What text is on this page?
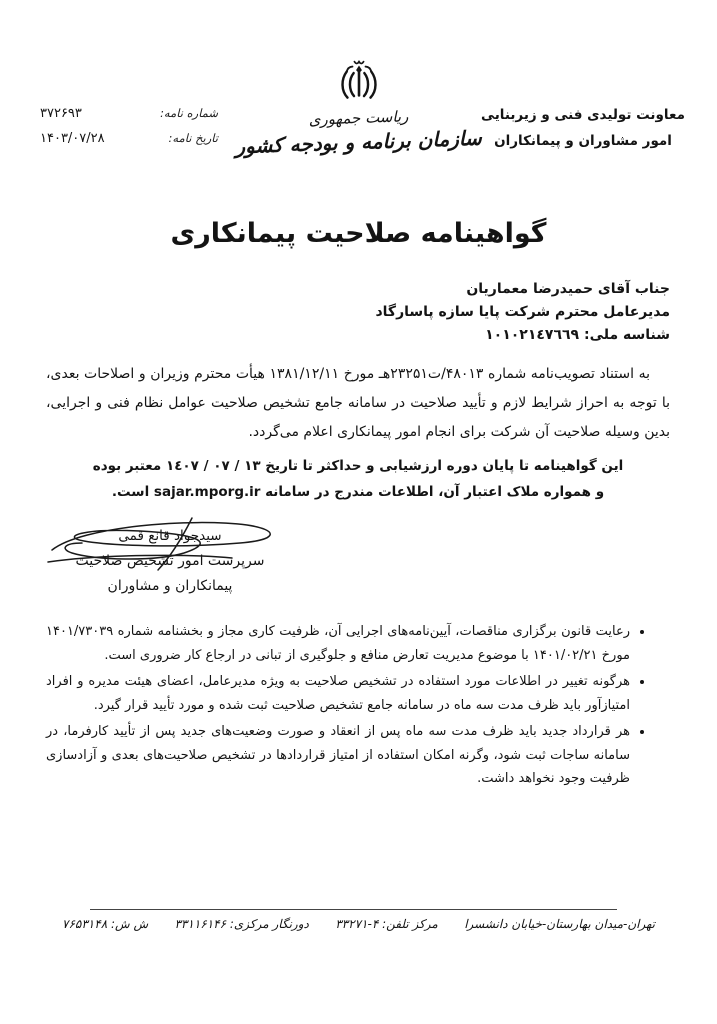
معاونت تولیدی فنی و زیربنایی
امور مشاوران و پیمانکاران
ریاست جمهوری
سازمان برنامه و بودجه کشور
شماره نامه:
۳۷۲۶۹۳
تاریخ نامه:
۱۴۰۳/۰۷/۲۸
گواهینامه صلاحیت پیمانکاری
جناب آقای حمیدرضا معماریان
مدیرعامل محترم شرکت پایا سازه پاسارگاد
شناسه ملی: ۱۰۱۰۲۱٤۷٦٦۹

به استناد تصویب‌نامه شماره ۴۸۰۱۳/ت۲۳۲۵۱هـ مورخ ۱۳۸۱/۱۲/۱۱ هیأت محترم وزیران و اصلاحات بعدی، با توجه به احراز شرایط لازم و تأیید صلاحیت در سامانه جامع تشخیص صلاحیت عوامل نظام فنی و اجرایی، بدین وسیله صلاحیت آن شرکت برای انجام امور پیمانکاری اعلام می‌گردد.

این گواهینامه تا پایان دوره ارزشیابی و حداکثر تا تاریخ ۱۳ / ۰۷ / ۱٤۰۷ معتبر بوده
و همواره ملاک اعتبار آن، اطلاعات مندرج در سامانه sajar.mporg.ir است.
سیدجواد قانع قمی
سرپرست امور تشخیص صلاحیت
پیمانکاران و مشاوران
• رعایت قانون برگزاری مناقصات، آیین‌نامه‌های اجرایی آن، ظرفیت کاری مجاز و بخشنامه شماره ۱۴۰۱/۷۳۰۳۹ مورخ ۱۴۰۱/۰۲/۲۱ با موضوع مدیریت تعارض منافع و جلوگیری از تبانی در ارجاع کار ضروری است.
• هرگونه تغییر در اطلاعات مورد استفاده در تشخیص صلاحیت به ویژه مدیرعامل، اعضای هیئت مدیره و افراد امتیازآور باید ظرف مدت سه ماه در سامانه جامع تشخیص صلاحیت ثبت شده و مورد تأیید قرار گیرد.
• هر قرارداد جدید باید ظرف مدت سه ماه پس از انعقاد و صورت وضعیت‌های جدید پس از تأیید کارفرما، در سامانه ساجات ثبت شود، وگرنه امکان استفاده از امتیاز قراردادها در تشخیص صلاحیت‌های بعدی و آزادسازی ظرفیت وجود نخواهد داشت.
تهران-میدان بهارستان-خیابان دانشسرا
مرکز تلفن: ۴-۳۳۲۷۱
دورنگار مرکزی: ۳۳۱۱۶۱۴۶
ش ش: ۷۶۵۳۱۴۸
